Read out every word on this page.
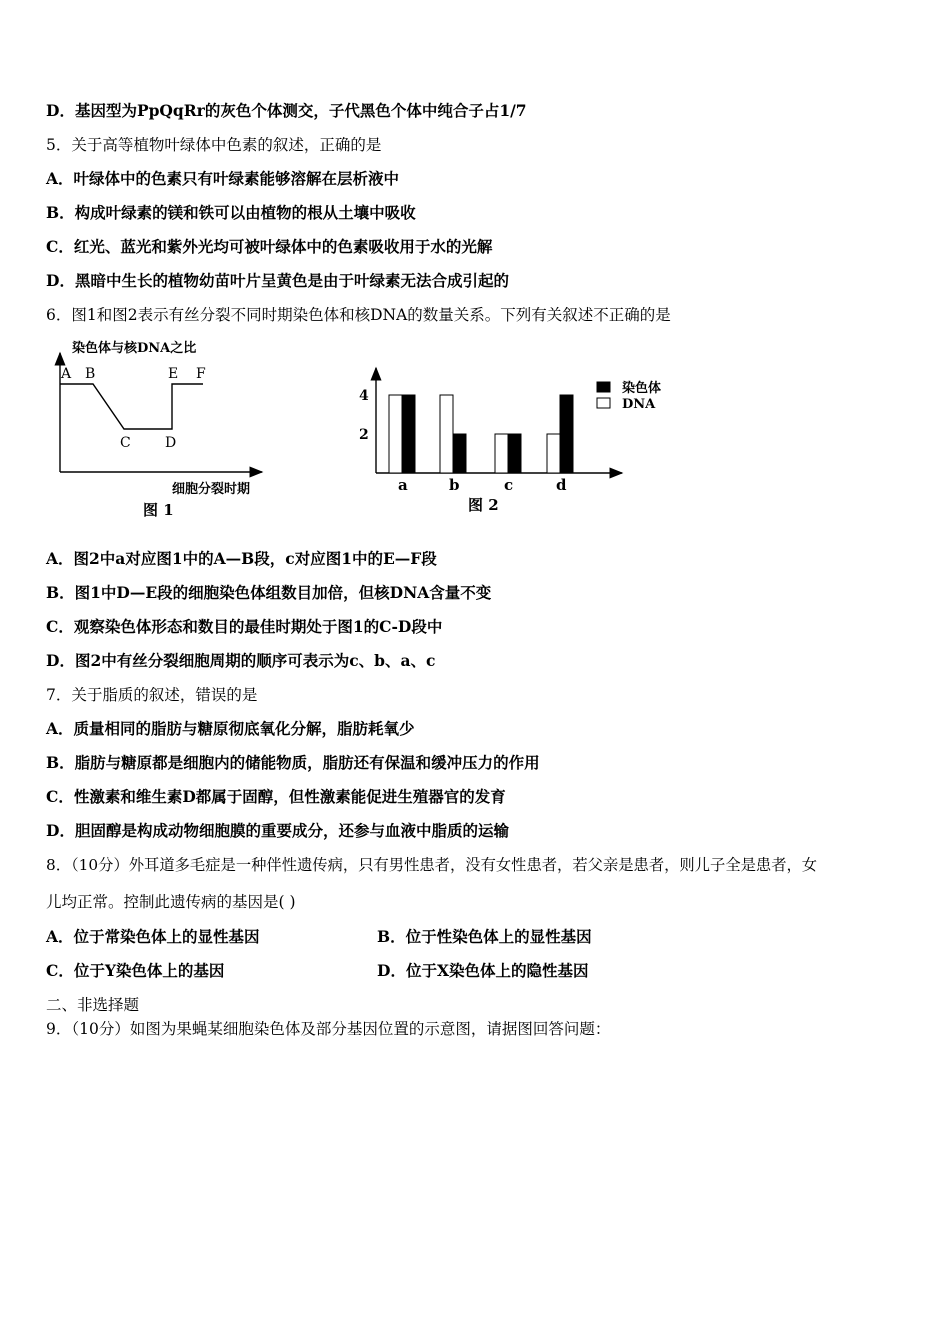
D．基因型为PpQqRr的灰色个体测交，子代黑色个体中纯合子占1/7
5．关于高等植物叶绿体中色素的叙述，正确的是
A．叶绿体中的色素只有叶绿素能够溶解在层析液中
B．构成叶绿素的镁和铁可以由植物的根从土壤中吸收
C．红光、蓝光和紫外光均可被叶绿体中的色素吸收用于水的光解
D．黑暗中生长的植物幼苗叶片呈黄色是由于叶绿素无法合成引起的
6．图1和图2表示有丝分裂不同时期染色体和核DNA的数量关系。下列有关叙述不正确的是
染色体与核DNA之比
A B
C D
E F
细胞分裂时期
图 1
a	b	c	d
2
4	染色体
DNA
图 2
A．图2中a对应图1中的A—B段，c对应图1中的E—F段
B．图1中D—E段的细胞染色体组数目加倍，但核DNA含量不变
C．观察染色体形态和数目的最佳时期处于图1的C-D段中
D．图2中有丝分裂细胞周期的顺序可表示为c、b、a、c
7．关于脂质的叙述，错误的是
A．质量相同的脂肪与糖原彻底氧化分解，脂肪耗氧少
B．脂肪与糖原都是细胞内的储能物质，脂肪还有保温和缓冲压力的作用
C．性激素和维生素D都属于固醇，但性激素能促进生殖器官的发育
D．胆固醇是构成动物细胞膜的重要成分，还参与血液中脂质的运输
8．（10分）外耳道多毛症是一种伴性遗传病，只有男性患者，没有女性患者，若父亲是患者，则儿子全是患者，女
儿均正常。控制此遗传病的基因是( )
A．位于常染色体上的显性基因	B．位于性染色体上的显性基因
C．位于Y染色体上的基因	D．位于X染色体上的隐性基因
二、非选择题
9．（10分）如图为果蝇某细胞染色体及部分基因位置的示意图，请据图回答问题：
